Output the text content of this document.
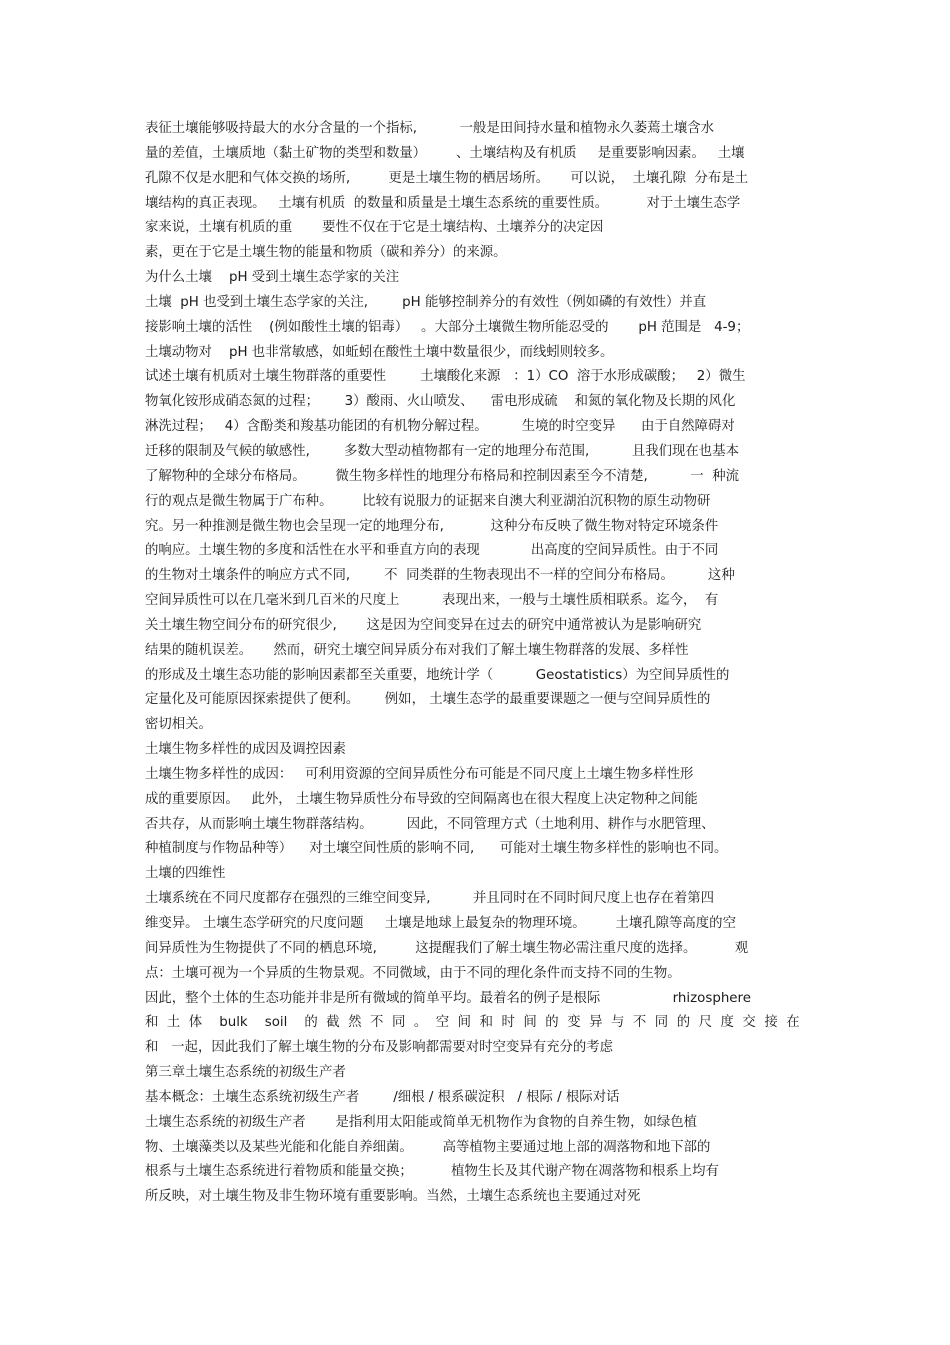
表征土壤能够吸持最大的水分含量的一个指标,          一般是田间持水量和植物永久萎蔫土壤含水
量的差值，土壤质地（黏土矿物的类型和数量）       、土壤结构及有机质     是重要影响因素。   土壤
孔隙不仅是水肥和气体交换的场所,         更是土壤生物的栖居场所。     可以说，  土壤孔隙  分布是土
壤结构的真正表现。   土壤有机质  的数量和质量是土壤生态系统的重要性质。         对于土壤生态学
家来说，土壤有机质的重       要性不仅在于它是土壤结构、土壤养分的决定因
素，更在于它是土壤生物的能量和物质（碳和养分）的来源。
为什么土壤    pH 受到土壤生态学家的关注
土壤  pH 也受到土壤生态学家的关注,        pH 能够控制养分的有效性（例如磷的有效性）并直
接影响土壤的活性    (例如酸性土壤的铝毒）   。大部分土壤微生物所能忍受的       pH 范围是   4-9；
土壤动物对    pH 也非常敏感，如蚯蚓在酸性土壤中数量很少，而线蚓则较多。
试述土壤有机质对土壤生物群落的重要性        土壤酸化来源   ：1）CO  溶于水形成碳酸；   2）微生
物氧化铵形成硝态氮的过程；      3）酸雨、火山喷发、    雷电形成硫    和氮的氧化物及长期的风化
淋洗过程；   4）含酚类和羧基功能团的有机物分解过程。        生境的时空变异      由于自然障碍对
迁移的限制及气候的敏感性,        多数大型动植物都有一定的地理分布范围,          且我们现在也基本
了解物种的全球分布格局。       微生物多样性的地理分布格局和控制因素至今不清楚,          一  种流
行的观点是微生物属于广布种。       比较有说服力的证据来自澳大利亚湖泊沉积物的原生动物研
究。另一种推测是微生物也会呈现一定的地理分布,           这种分布反映了微生物对特定环境条件
的响应。土壤生物的多度和活性在水平和垂直方向的表现            出高度的空间异质性。由于不同
的生物对土壤条件的响应方式不同,        不  同类群的生物表现出不一样的空间分布格局。        这种
空间异质性可以在几毫米到几百米的尺度上          表现出来，一般与土壤性质相联系。迄今，  有
关土壤生物空间分布的研究很少,       这是因为空间变异在过去的研究中通常被认为是影响研究
结果的随机误差。     然而，研究土壤空间异质分布对我们了解土壤生物群落的发展、多样性
的形成及土壤生态功能的影响因素都至关重要，地统计学（          Geostatistics）为空间异质性的
定量化及可能原因探索提供了便利。      例如， 土壤生态学的最重要课题之一便与空间异质性的
密切相关。
土壤生物多样性的成因及调控因素
土壤生物多样性的成因：   可利用资源的空间异质性分布可能是不同尺度上土壤生物多样性形
成的重要原因。   此外， 土壤生物异质性分布导致的空间隔离也在很大程度上决定物种之间能
否共存，从而影响土壤生物群落结构。        因此，不同管理方式（土地利用、耕作与水肥管理、
种植制度与作物品种等）    对土壤空间性质的影响不同,      可能对土壤生物多样性的影响也不同。
土壤的四维性
土壤系统在不同尺度都存在强烈的三维空间变异,          并且同时在不同时间尺度上也存在着第四
维变异。 土壤生态学研究的尺度问题     土壤是地球上最复杂的物理环境。       土壤孔隙等高度的空
间异质性为生物提供了不同的栖息环境,         这提醒我们了解土壤生物必需注重尺度的选择。         观
点：土壤可视为一个异质的生物景观。不同微域，由于不同的理化条件而支持不同的生物。
因此，整个土体的生态功能并非是所有微域的简单平均。最着名的例子是根际                 rhizosphere
和  土  体    bulk    soil    的  截  然  不  同  。  空  间  和  时  间  的  变  异  与  不  同  的  尺  度  交  接  在
和   一起，因此我们了解土壤生物的分布及影响都需要对时空变异有充分的考虑
第三章土壤生态系统的初级生产者
基本概念：土壤生态系统初级生产者        /细根 / 根系碳淀积   / 根际 / 根际对话
土壤生态系统的初级生产者       是指利用太阳能或简单无机物作为食物的自养生物，如绿色植
物、土壤藻类以及某些光能和化能自养细菌。       高等植物主要通过地上部的凋落物和地下部的
根系与土壤生态系统进行着物质和能量交换；         植物生长及其代谢产物在凋落物和根系上均有
所反映，对土壤生物及非生物环境有重要影响。当然，土壤生态系统也主要通过对死
